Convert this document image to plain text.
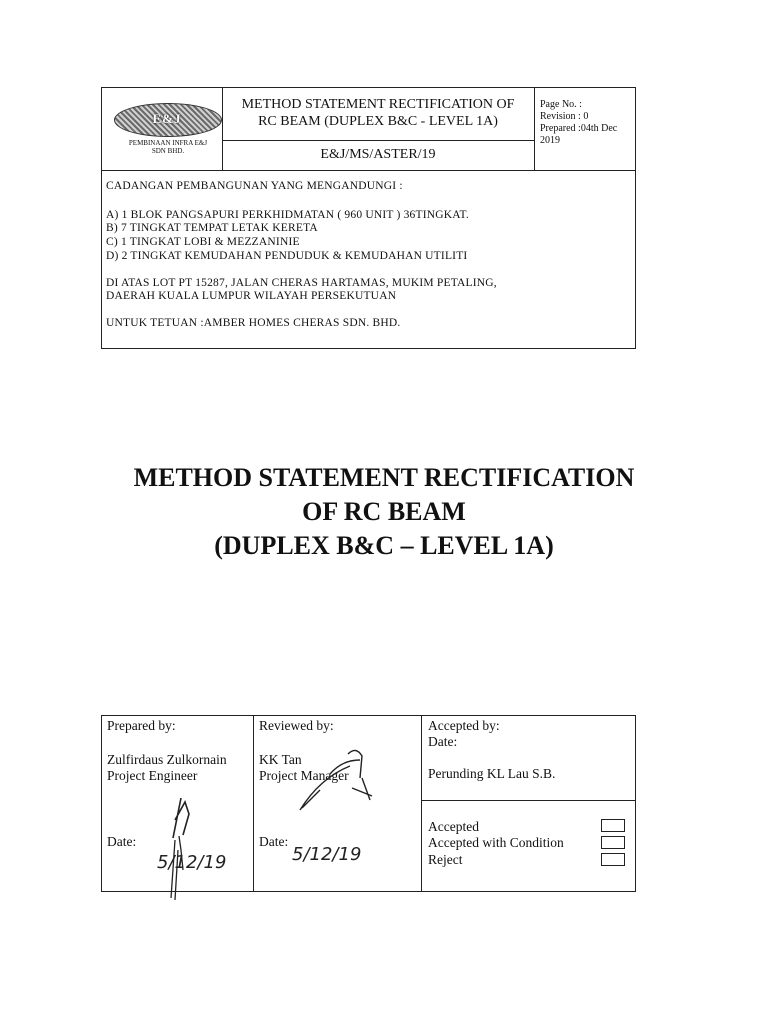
E&J
PEMBINAAN INFRA E&J
SDN BHD.
METHOD STATEMENT RECTIFICATION OF
RC BEAM (DUPLEX B&C - LEVEL 1A)
E&J/MS/ASTER/19
Page No. :
Revision : 0
Prepared :04th Dec
2019
CADANGAN PEMBANGUNAN YANG MENGANDUNGI :
A) 1 BLOK PANGSAPURI PERKHIDMATAN ( 960 UNIT ) 36TINGKAT.
B) 7 TINGKAT TEMPAT LETAK KERETA
C) 1 TINGKAT LOBI & MEZZANINIE
D) 2 TINGKAT KEMUDAHAN PENDUDUK & KEMUDAHAN UTILITI
DI ATAS LOT PT 15287, JALAN CHERAS HARTAMAS, MUKIM PETALING,
DAERAH KUALA LUMPUR WILAYAH PERSEKUTUAN
UNTUK TETUAN :AMBER HOMES CHERAS SDN. BHD.
METHOD STATEMENT RECTIFICATION
OF RC BEAM
(DUPLEX B&C – LEVEL 1A)
Prepared by:
Zulfirdaus Zulkornain
Project Engineer
Date:
5/12/19
Reviewed by:
KK Tan
Project Manager
Date:
5/12/19
Accepted by:
Date:
Perunding KL Lau S.B.
Accepted
Accepted with Condition
Reject
